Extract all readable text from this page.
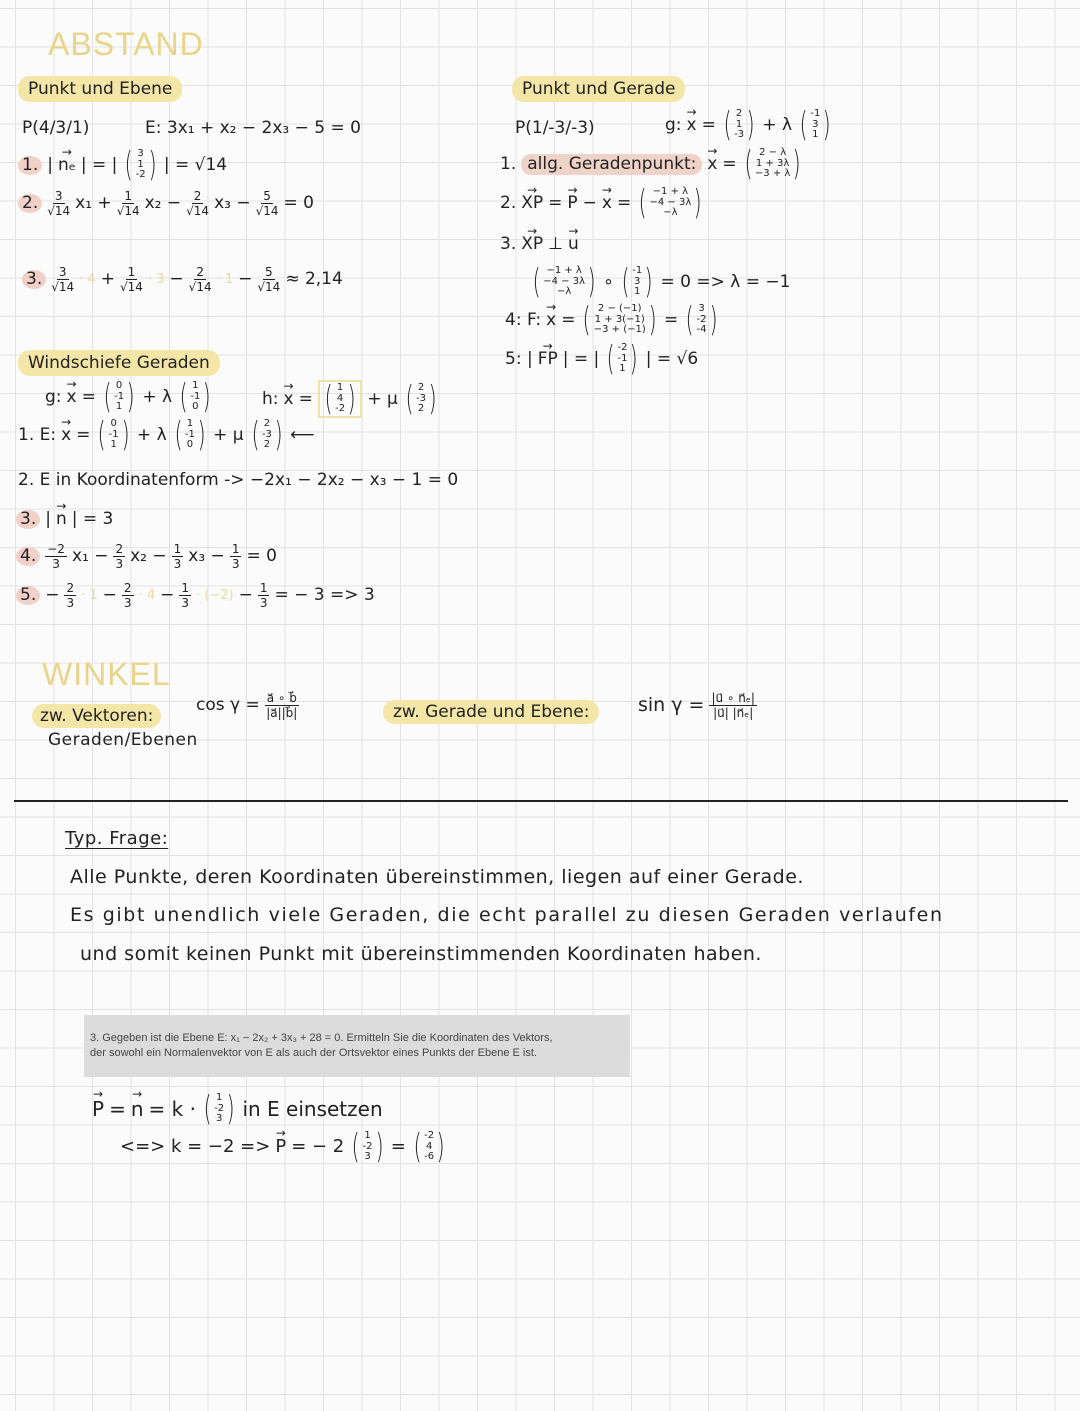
ABSTAND
Punkt und Ebene
P(4/3/1)	E: 3x₁ + x₂ − 2x₃ − 5 = 0
1. | → nₑ | = | ( 3
1
-2 ) | = √14
2. $\frac{3}{√14} x_1 + \frac{1}{√14} x_2 - \frac{2}{√14} x_3 - \frac{5}{√14} = 0$
3. $\frac{3}{√14} \cdot 4 + \frac{1}{√14} \cdot 3 - \frac{2}{√14} \cdot 1 - \frac{5}{√14} \approx 2,14$
Punkt und Gerade
P(1/-3/-3)	g: → x = ( 2
1
-3 ) + λ ( -1
3
1 )
1. allg. Geradenpunkt: → x = ( 2 − λ
1 + 3λ
−3 + λ )
2. → XP = → P − → x = ( −1 + λ
−4 − 3λ
−λ )
3. → XP ⊥ → u
( −1 + λ
−4 − 3λ
−λ ) ∘ ( -1
3
1 ) = 0 => λ = −1
4: F: → x = ( 2 − (−1)
1 + 3(−1)
−3 + (−1) ) = ( 3
-2
-4 )
5: | → FP | = | ( -2
-1
1 ) | = √6
Windschiefe Geraden
g: → x = ( 0
-1
1 ) + λ ( 1
-1
0 )	h: → x = ( 1
4
-2 ) + μ ( 2
-3
2 )
1. E: → x = ( 0
-1
1 ) + λ ( 1
-1
0 ) + μ ( 2
-3
2 ) ⟵
2. E in Koordinatenform -> −2x₁ − 2x₂ − x₃ − 1 = 0
3. | → n | = 3
4. $\frac{-2}{3} x_1 - \frac{2}{3} x_2 - \frac{1}{3} x_3 - \frac{1}{3} = 0$
5. − $\frac{2}{3} \cdot 1 - \frac{2}{3} \cdot 4 - \frac{1}{3} \cdot (-2) - \frac{1}{3}$ = − 3 => 3
WINKEL
zw. Vektoren:
$\cos \gamma = \frac{a⃗ \circ b⃗}{|a⃗||b⃗|}$
Geraden/Ebenen
zw. Gerade und Ebene:	$\sin \gamma = \frac{\text{|u⃗ ∘ n⃗ₑ|}}{\text{|u⃗| |n⃗ₑ|}}$
Typ. Frage:
Alle Punkte, deren Koordinaten übereinstimmen, liegen auf einer Gerade.
Es gibt unendlich viele Geraden, die echt parallel zu diesen Geraden verlaufen
und somit keinen Punkt mit übereinstimmenden Koordinaten haben.
3. Gegeben ist die Ebene E: x₁ − 2x₂ + 3x₃ + 28 = 0. Ermitteln Sie die Koordinaten des Vektors,
der sowohl ein Normalenvektor von E als auch der Ortsvektor eines Punkts der Ebene E ist.
→ P = → n = k · ( 1
-2
3 ) in E einsetzen
<=> k = −2 => → P = − 2 ( 1
-2
3 ) = ( -2
4
-6 )
